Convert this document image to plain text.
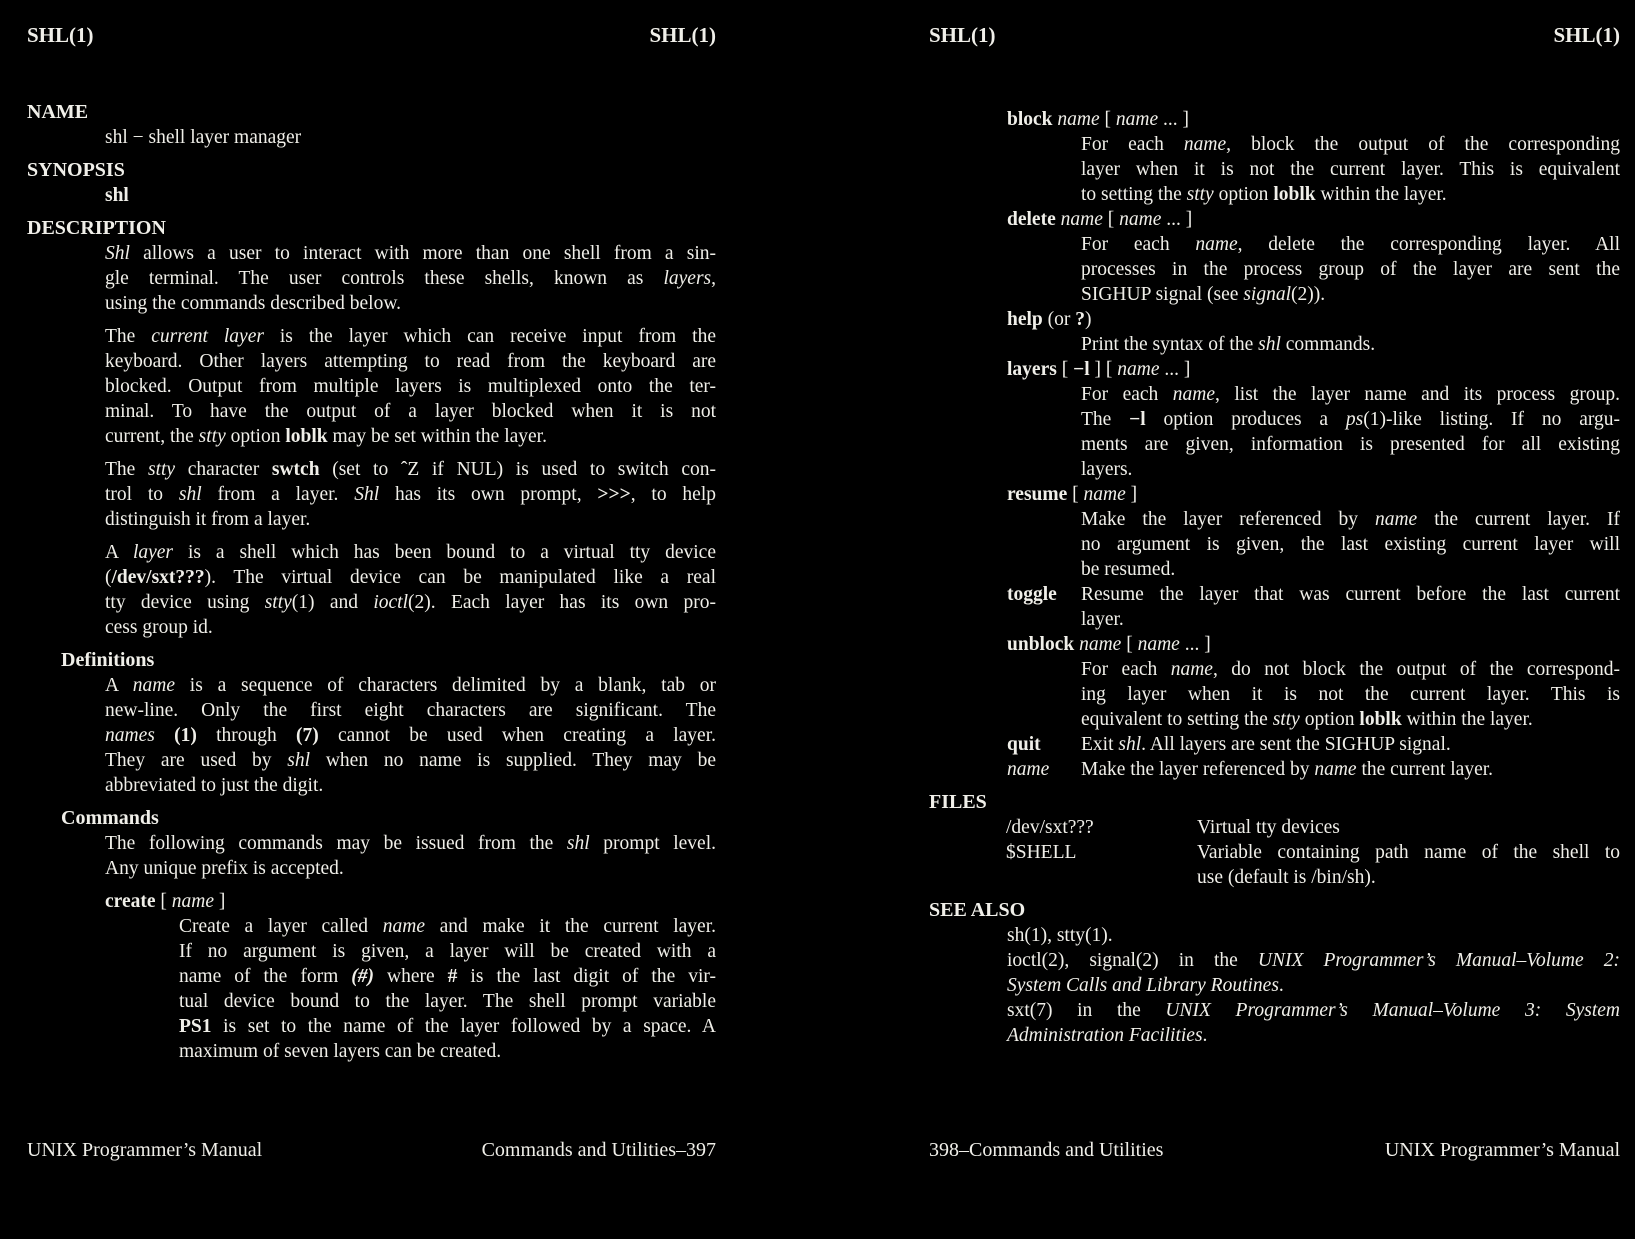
SHL(1)	SHL(1)
NAME
shl − shell layer manager
SYNOPSIS
shl
DESCRIPTION
Shl allows a user to interact with more than one shell from a sin-
gle terminal. The user controls these shells, known as layers,
using the commands described below.
The current layer is the layer which can receive input from the
keyboard. Other layers attempting to read from the keyboard are
blocked. Output from multiple layers is multiplexed onto the ter-
minal. To have the output of a layer blocked when it is not
current, the stty option loblk may be set within the layer.
The stty character swtch (set to ˆZ if NUL) is used to switch con-
trol to shl from a layer. Shl has its own prompt, >>>, to help
distinguish it from a layer.
A layer is a shell which has been bound to a virtual tty device
(/dev/sxt???). The virtual device can be manipulated like a real
tty device using stty(1) and ioctl(2). Each layer has its own pro-
cess group id.
Definitions
A name is a sequence of characters delimited by a blank, tab or
new-line. Only the first eight characters are significant. The
names (1) through (7) cannot be used when creating a layer.
They are used by shl when no name is supplied. They may be
abbreviated to just the digit.
Commands
The following commands may be issued from the shl prompt level.
Any unique prefix is accepted.
create [ name ]
Create a layer called name and make it the current layer.
If no argument is given, a layer will be created with a
name of the form (#) where # is the last digit of the vir-
tual device bound to the layer. The shell prompt variable
PS1 is set to the name of the layer followed by a space. A
maximum of seven layers can be created.
UNIX Programmer’s Manual	Commands and Utilities–397
SHL(1)	SHL(1)
block name [ name ... ]
For each name, block the output of the corresponding
layer when it is not the current layer. This is equivalent
to setting the stty option loblk within the layer.
delete name [ name ... ]
For each name, delete the corresponding layer. All
processes in the process group of the layer are sent the
SIGHUP signal (see signal(2)).
help (or ?)
Print the syntax of the shl commands.
layers [ −l ] [ name ... ]
For each name, list the layer name and its process group.
The −l option produces a ps(1)-like listing. If no argu-
ments are given, information is presented for all existing
layers.
resume [ name ]
Make the layer referenced by name the current layer. If
no argument is given, the last existing current layer will
be resumed.
toggle Resume the layer that was current before the last current
layer.
unblock name [ name ... ]
For each name, do not block the output of the correspond-
ing layer when it is not the current layer. This is
equivalent to setting the stty option loblk within the layer.
quit Exit shl. All layers are sent the SIGHUP signal.
name Make the layer referenced by name the current layer.
FILES
/dev/sxt???	Virtual tty devices
$SHELL	Variable containing path name of the shell to
use (default is /bin/sh).
SEE ALSO
sh(1), stty(1).
ioctl(2), signal(2) in the UNIX Programmer’s Manual–Volume 2:
System Calls and Library Routines.
sxt(7) in the UNIX Programmer’s Manual–Volume 3: System
Administration Facilities.
398–Commands and Utilities	UNIX Programmer’s Manual
